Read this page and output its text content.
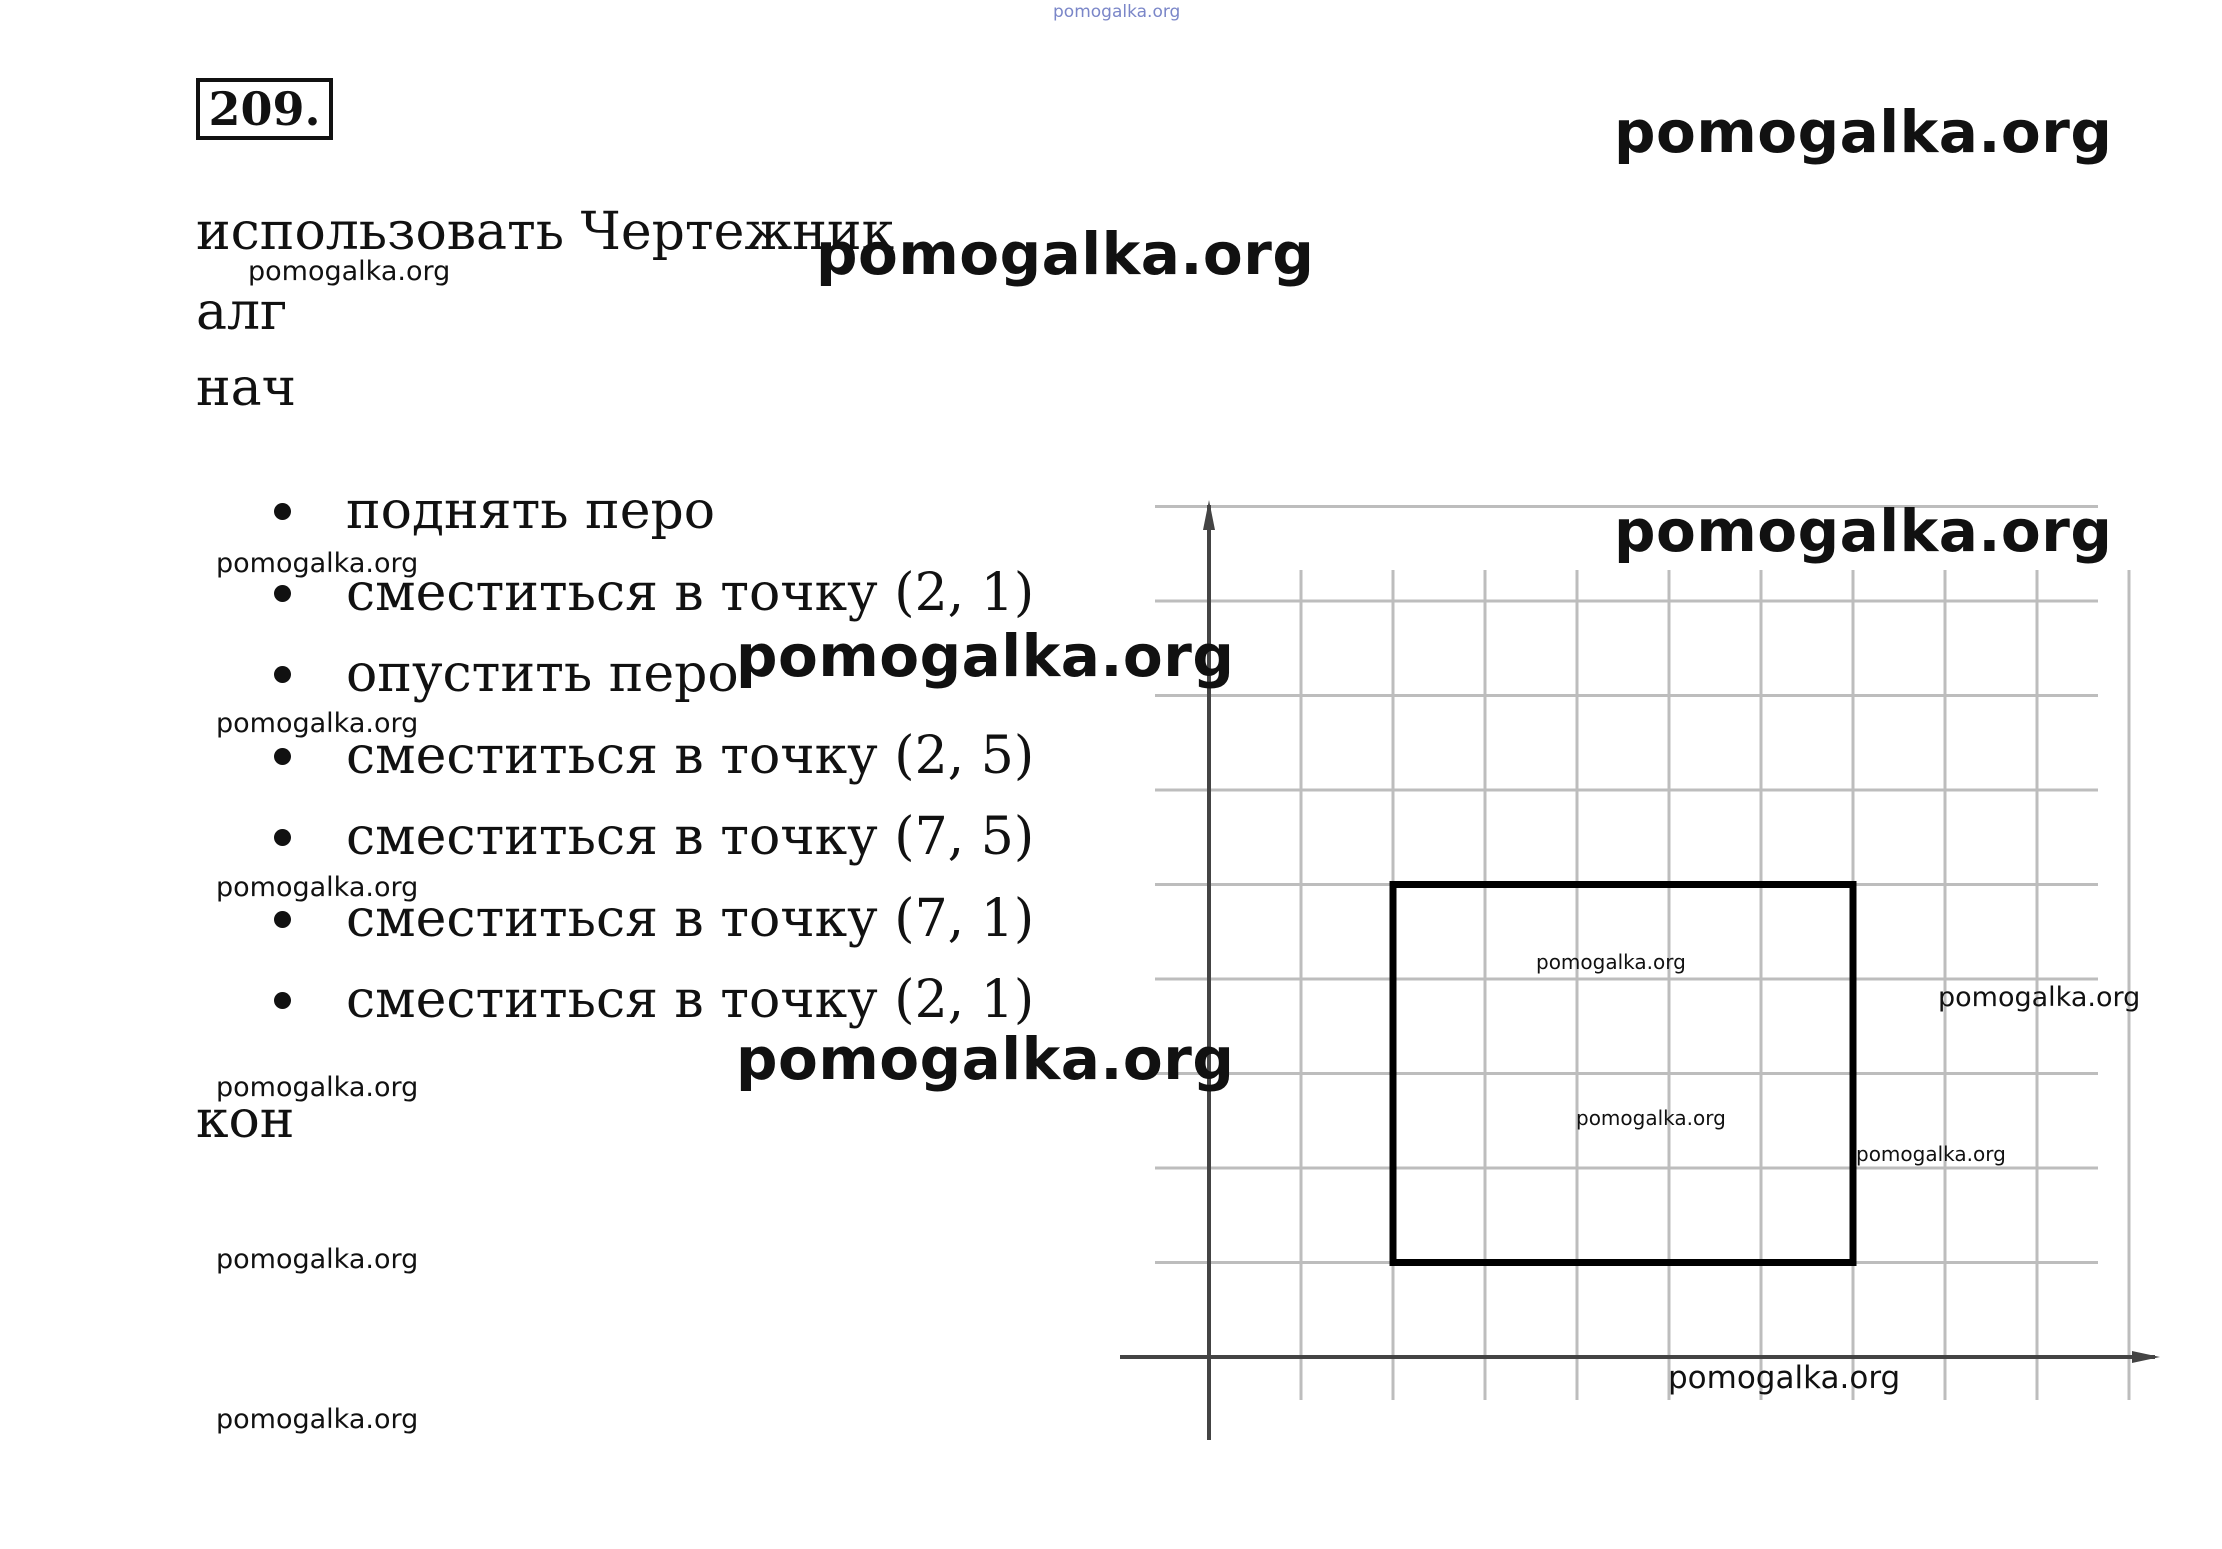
pomogalka.org
209.
использовать Чертежник
алг
нач
поднять перо
сместиться в точку (2, 1)
опустить перо
сместиться в точку (2, 5)
сместиться в точку (7, 5)
сместиться в точку (7, 1)
сместиться в точку (2, 1)
кон
pomogalka.org
pomogalka.org
pomogalka.org
pomogalka.org
pomogalka.org
pomogalka.org
pomogalka.org
pomogalka.org
pomogalka.org
pomogalka.org
pomogalka.org
pomogalka.org
pomogalka.org
pomogalka.org
pomogalka.org
pomogalka.org
pomogalka.org
